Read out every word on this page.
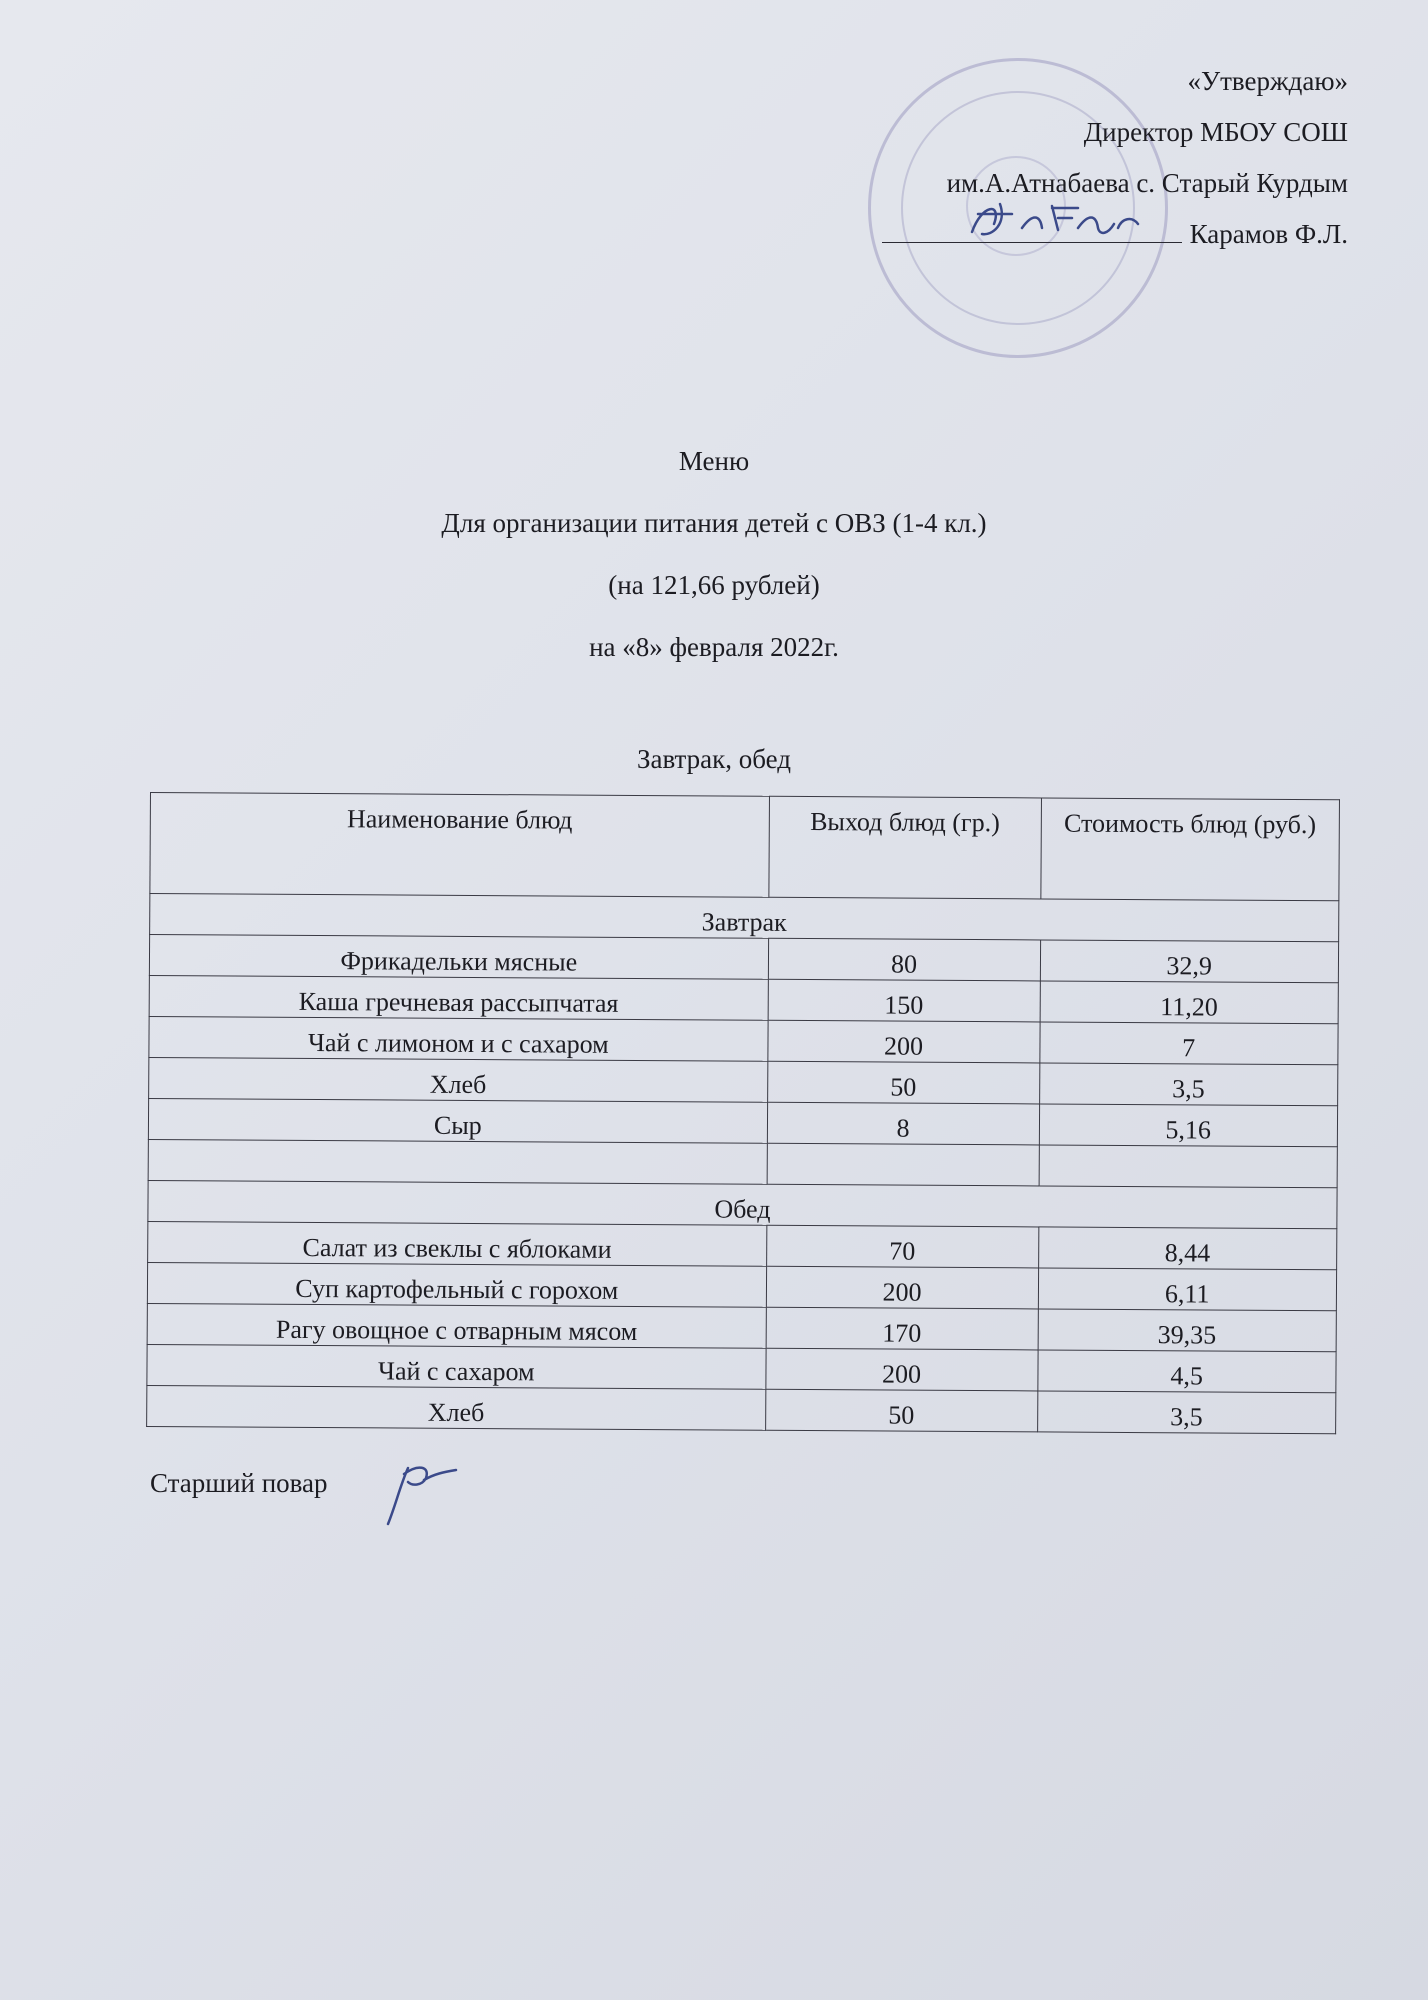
«Утверждаю»
Директор МБОУ СОШ
им.А.Атнабаева с. Старый Курдым
Карамов Ф.Л.
Меню
Для организации питания детей с ОВЗ (1-4 кл.)
(на 121,66 рублей)
на «8» февраля 2022г.
Завтрак, обед
Наименование блюд	Выход блюд (гр.)	Стоимость блюд (руб.)
Завтрак		
Фрикадельки мясные	80	32,9
Каша гречневая рассыпчатая	150	11,20
Чай с лимоном и с сахаром	200	7
Хлеб	50	3,5
Сыр	8	5,16

Обед		
Салат из свеклы с яблоками	70	8,44
Суп картофельный с горохом	200	6,11
Рагу овощное с отварным мясом	170	39,35
Чай с сахаром	200	4,5
Хлеб	50	3,5
Старший повар
